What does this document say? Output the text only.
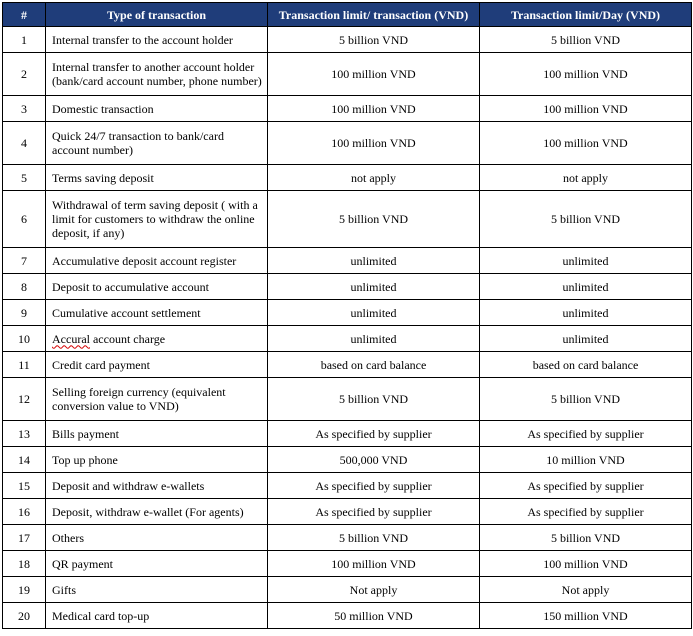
#	Type of transaction	Transaction limit/ transaction (VND)	Transaction limit/Day (VND)
1	Internal transfer to the account holder	5 billion VND	5 billion VND
2	Internal transfer to another account holder (bank/card account number, phone number)	100 million VND	100 million VND
3	Domestic transaction	100 million VND	100 million VND
4	Quick 24/7 transaction to bank/card account number)	100 million VND	100 million VND
5	Terms saving deposit	not apply	not apply
6	Withdrawal of term saving deposit ( with a limit for customers to withdraw the online deposit, if any)	5 billion VND	5 billion VND
7	Accumulative deposit account register	unlimited	unlimited
8	Deposit to accumulative account	unlimited	unlimited
9	Cumulative account settlement	unlimited	unlimited
10	Accural account charge	unlimited	unlimited
11	Credit card payment	based on card balance	based on card balance
12	Selling foreign currency (equivalent conversion value to VND)	5 billion VND	5 billion VND
13	Bills payment	As specified by supplier	As specified by supplier
14	Top up phone	500,000 VND	10 million VND
15	Deposit and withdraw e-wallets	As specified by supplier	As specified by supplier
16	Deposit, withdraw e-wallet (For agents)	As specified by supplier	As specified by supplier
17	Others	5 billion VND	5 billion VND
18	QR payment	100 million VND	100 million VND
19	Gifts	Not apply	Not apply
20	Medical card top-up	50 million VND	150 million VND
